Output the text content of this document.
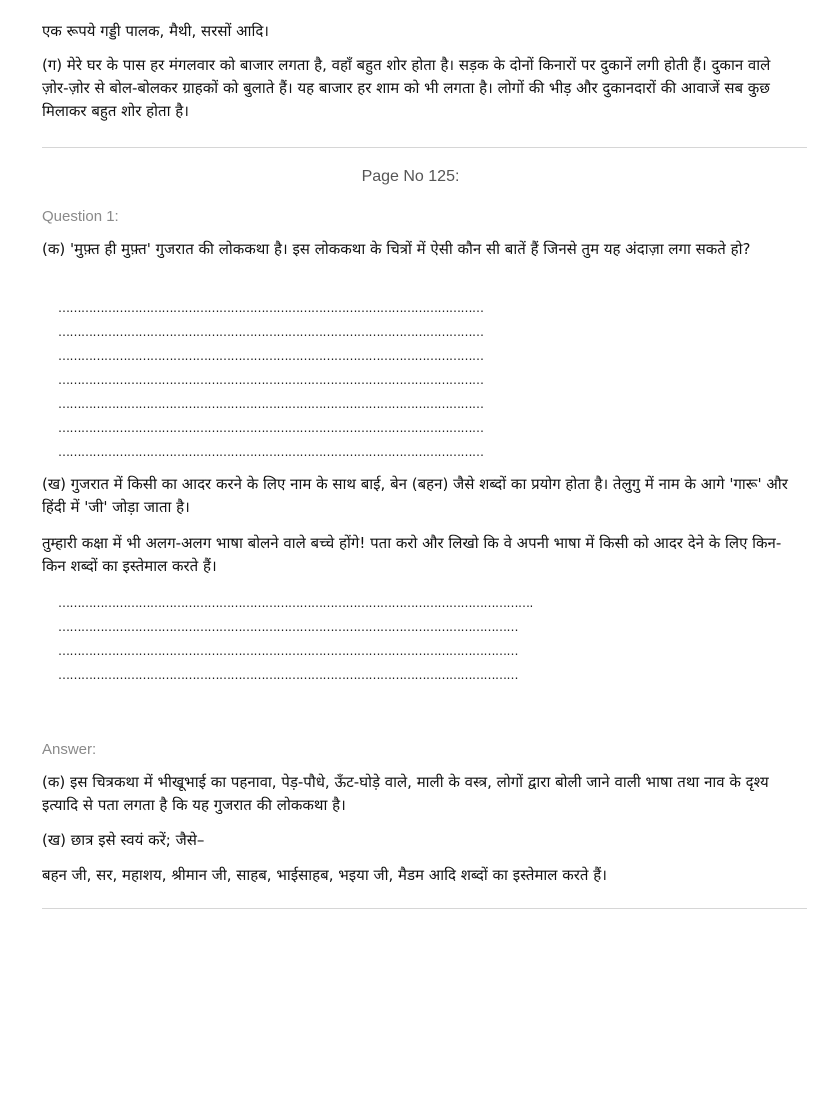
एक रूपये गड्डी पालक, मैथी, सरसों आदि।

(ग) मेरे घर के पास हर मंगलवार को बाजार लगता है, वहाँ बहुत शोर होता है। सड़क के दोनों किनारों पर दुकानें लगी होती हैं। दुकान वाले ज़ोर-ज़ोर से बोल-बोलकर ग्राहकों को बुलाते हैं। यह बाजार हर शाम को भी लगता है। लोगों की भीड़ और दुकानदारों की आवाजें सब कुछ मिलाकर बहुत शोर होता है।

Page No 125:
Question 1:

(क) 'मुफ़्त ही मुफ़्त' गुजरात की लोककथा है। इस लोककथा के चित्रों में ऐसी कौन सी बातें हैं जिनसे तुम यह अंदाज़ा लगा सकते हो?

…………………………………………………………………………………………………
…………………………………………………………………………………………………
…………………………………………………………………………………………………
…………………………………………………………………………………………………
…………………………………………………………………………………………………
…………………………………………………………………………………………………
…………………………………………………………………………………………………

(ख) गुजरात में किसी का आदर करने के लिए नाम के साथ बाई, बेन (बहन) जैसे शब्दों का प्रयोग होता है। तेलुगु में नाम के आगे 'गारू' और हिंदी में 'जी' जोड़ा जाता है।

तुम्हारी कक्षा में भी अलग-अलग भाषा बोलने वाले बच्चे होंगे! पता करो और लिखो कि वे अपनी भाषा में किसी को आदर देने के लिए किन-किन शब्दों का इस्तेमाल करते हैं।

…………………………………………………………………………………………………………….
…………………………………………………………………………………………………………
…………………………………………………………………………………………………………
…………………………………………………………………………………………………………
Answer:

(क) इस चित्रकथा में भीखूभाई का पहनावा, पेड़-पौधे, ऊँट-घोड़े वाले, माली के वस्त्र, लोगों द्वारा बोली जाने वाली भाषा तथा नाव के दृश्य इत्यादि से पता लगता है कि यह गुजरात की लोककथा है।

(ख) छात्र इसे स्वयं करें; जैसे–

बहन जी, सर, महाशय, श्रीमान जी, साहब, भाईसाहब, भइया जी, मैडम आदि शब्दों का इस्तेमाल करते हैं।
